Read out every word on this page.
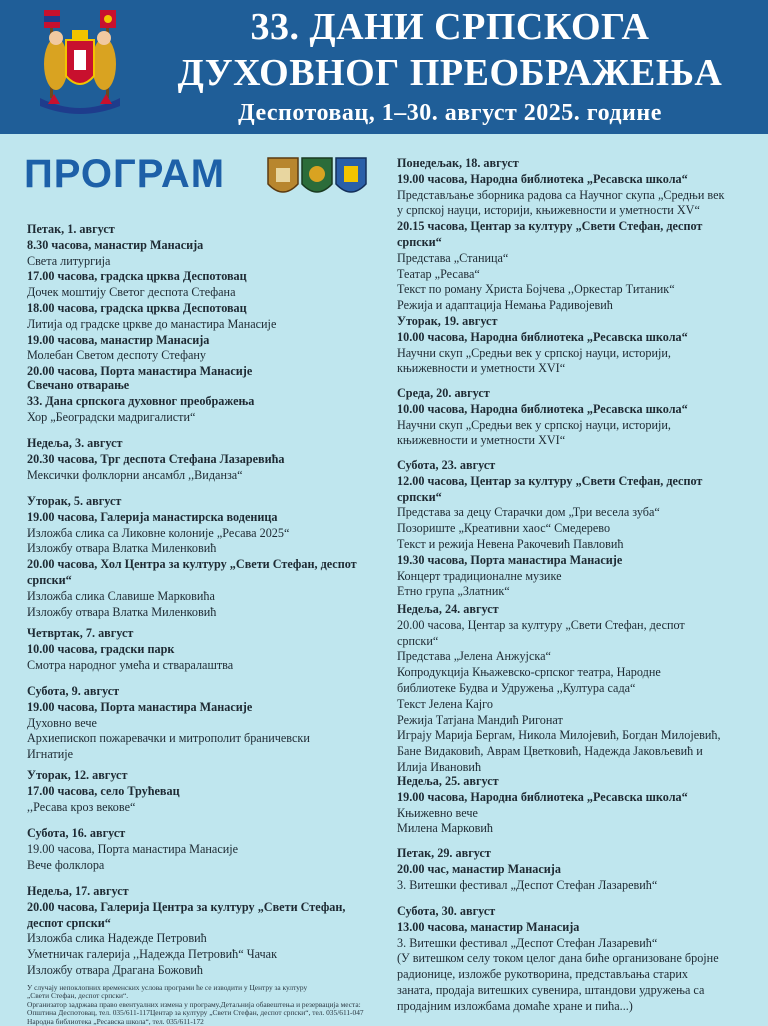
33. ДАНИ СРПСКОГА
ДУХОВНОГ ПРЕОБРАЖЕЊА
Деспотовац, 1–30. август 2025. године
ПРОГРАМ
Петак, 1. август
8.30 часова, манастир Манасија
Света литургија
17.00 часова, градска црква Деспотовац
Дочек моштију Светог деспота Стефана
18.00 часова, градска црква Деспотовац
Литија од градске цркве до манастира Манасије
19.00 часова, манастир Манасија
Молебан Светом деспоту Стефану
20.00 часова, Порта манастира Манасије
Свечано отварање
33. Дана српскога духовног преображења
Хор „Београдски мадригалисти“
Недеља, 3. август
20.30 часова, Трг деспота Стефана Лазаревића
Мексички фолклорни ансамбл ,,Виданза“
Уторак, 5. август
19.00 часова, Галерија манастирска воденица
Изложба слика са Ликовне колоније „Ресава 2025“
Изложбу отвара Влатка Миленковић
20.00 часова, Хол Центра за културу „Свети Стефан, деспот
српски“
Изложба слика Славише Марковића
Изложбу отвара Влатка Миленковић
Четвртак, 7. август
10.00 часова, градски парк
Смотра народног умећа и стваралаштва
Субота, 9. август
19.00 часова, Порта манастира Манасије
Духовно вече
Архиепископ пожаревачки и митрополит браничевски
Игнатије
Уторак, 12. август
17.00 часова, село Трућевац
,,Ресава кроз векове“
Субота, 16. август
19.00 часова, Порта манастира Манасије
Вече фолклора
Недеља, 17. август
20.00 часова, Галерија Центра за културу „Свети Стефан,
деспот српски“
Изложба слика Надежде Петровић
Уметничак галерија ,,Надежда Петровић“ Чачак
Изложбу отвара Драгана Божовић
Понедељак, 18. август
19.00 часова, Народна библиотека „Ресавска школа“
Представљање зборника радова са Научног скупа „Средњи век
у српској науци, историји, књижевности и уметности XV“
20.15 часова, Центар за културу „Свети Стефан, деспот
српски“
Представа „Станица“
Театар „Ресава“
Текст по роману Христа Бојчева ,,Оркестар Титаник“
Режија и адаптација Немања Радивојевић
Уторак, 19. август
10.00 часова, Народна библиотека „Ресавска школа“
Научни скуп „Средњи век у српској науци, историји,
књижевности и уметности XVI“
Среда, 20. август
10.00 часова, Народна библиотека „Ресавска школа“
Научни скуп „Средњи век у српској науци, историји,
књижевности и уметности XVI“
Субота, 23. август
12.00 часова, Центар за културу „Свети Стефан, деспот
српски“
Представа за децу Старачки дом „Три весела зуба“
Позориште „Креативни хаос“ Смедерево
Текст и режија Невена Ракочевић Павловић
19.30 часова, Порта манастира Манасије
Концерт традиционалне музике
Етно група „Златник“
Недеља, 24. август
20.00 часова, Центар за културу „Свети Стефан, деспот
српски“
Представа „Јелена Анжујска“
Копродукција Књажевско-српског театра, Народне
библиотеке Будва и Удружења ,,Култура сада“
Текст Јелена Кајго
Режија Татјана Мандић Ригонат
Играју Марија Бергам, Никола Милојевић, Богдан Милојевић,
Бане Видаковић, Аврам Цветковић, Надежда Јаковљевић и
Илија Ивановић
Недеља, 25. август
19.00 часова, Народна библиотека „Ресавска школа“
Књижевно вече
Милена Марковић
Петак, 29. август
20.00 час, манастир Манасија
3. Витешки фестивал „Деспот Стефан Лазаревић“
Субота, 30. август
13.00 часова, манастир Манасија
3. Витешки фестивал „Деспот Стефан Лазаревић“
(У витешком селу током целог дана биће организоване бројне
радионице, изложбе рукотворина, представљања старих
заната, продаја витешких сувенира, штандови удружења са
продајним изложбама домаће хране и пића...)
У случају непоклопних временских услова програми ће се изводити у Центру за културу
„Свети Стефан, деспот српски“.
Организатор задржава право евентуалних измена у програму.Детаљнија обавештења и резервација места:
Општина Деспотовац, тел. 035/611-117Центар за културу „Свети Стефан, деспот српски“, тел. 035/611-047
Народна библиотека „Ресавска школа“, тел. 035/611-172
